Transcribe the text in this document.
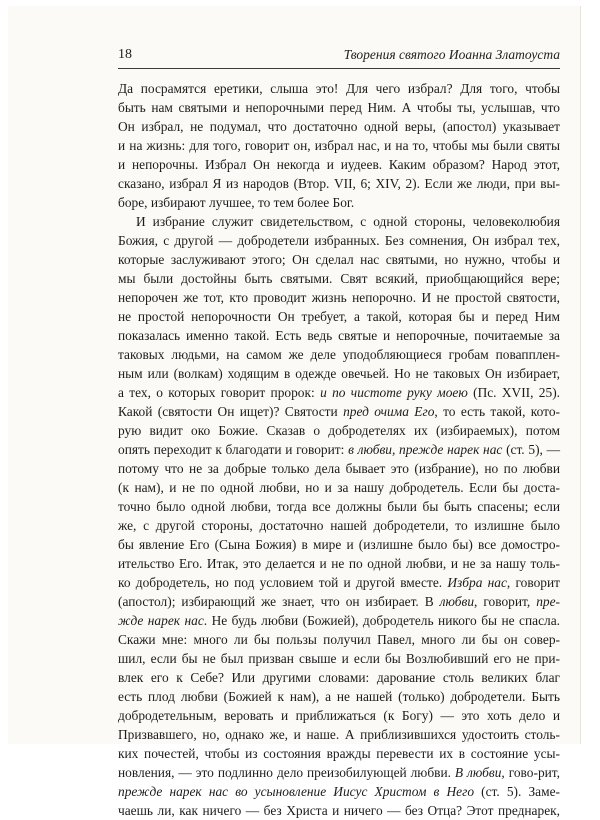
18	Творения святого Иоанна Златоуста
Да посрамятся еретики, слыша это! Для чего избрал? Для того, чтобы
быть нам святыми и непорочными перед Ним. А чтобы ты, услышав, что
Он избрал, не подумал, что достаточно одной веры, (апостол) указывает
и на жизнь: для того, говорит он, избрал нас, и на то, чтобы мы были святы
и непорочны. Избрал Он некогда и иудеев. Каким образом? Народ этот,
сказано, избрал Я из народов (Втор. VII, 6; XIV, 2). Если же люди, при вы-
боре, избирают лучшее, то тем более Бог.
И избрание служит свидетельством, с одной стороны, человеколюбия
Божия, с другой — добродетели избранных. Без сомнения, Он избрал тех,
которые заслуживают этого; Он сделал нас святыми, но нужно, чтобы и
мы были достойны быть святыми. Свят всякий, приобщающийся вере;
непорочен же тот, кто проводит жизнь непорочно. И не простой святости,
не простой непорочности Он требует, а такой, которая бы и перед Ним
показалась именно такой. Есть ведь святые и непорочные, почитаемые за
таковых людьми, на самом же деле уподобляющиеся гробам повапплен-
ным или (волкам) ходящим в одежде овечьей. Но не таковых Он избирает,
а тех, о которых говорит пророк: и по чистоте руку моею (Пс. XVII, 25).
Какой (святости Он ищет)? Святости пред очима Его, то есть такой, кото-
рую видит око Божие. Сказав о добродетелях их (избираемых), потом
опять переходит к благодати и говорит: в любви, прежде нарек нас (ст. 5), —
потому что не за добрые только дела бывает это (избрание), но по любви
(к нам), и не по одной любви, но и за нашу добродетель. Если бы доста-
точно было одной любви, тогда все должны были бы быть спасены; если
же, с другой стороны, достаточно нашей добродетели, то излишне было
бы явление Его (Сына Божия) в мире и (излишне было бы) все домостро-
ительство Его. Итак, это делается и не по одной любви, и не за нашу толь-
ко добродетель, но под условием той и другой вместе. Избра нас, говорит
(апостол); избирающий же знает, что он избирает. В любви, говорит, пре-
жде нарек нас. Не будь любви (Божией), добродетель никого бы не спасла.
Скажи мне: много ли бы пользы получил Павел, много ли бы он совер-
шил, если бы не был призван свыше и если бы Возлюбивший его не при-
влек его к Себе? Или другими словами: дарование столь великих благ
есть плод любви (Божией к нам), а не нашей (только) добродетели. Быть
добродетельным, веровать и приближаться (к Богу) — это хоть дело и
Призвавшего, но, однако же, и наше. А приблизившихся удостоить столь-
ких почестей, чтобы из состояния вражды перевести их в состояние усы-
новления, — это подлинно дело преизобилующей любви. В любви, гово-рит,
прежде нарек нас во усыновление Иисус Христом в Него (ст. 5). Заме-
чаешь ли, как ничего — без Христа и ничего — без Отца? Этот преднарек,
